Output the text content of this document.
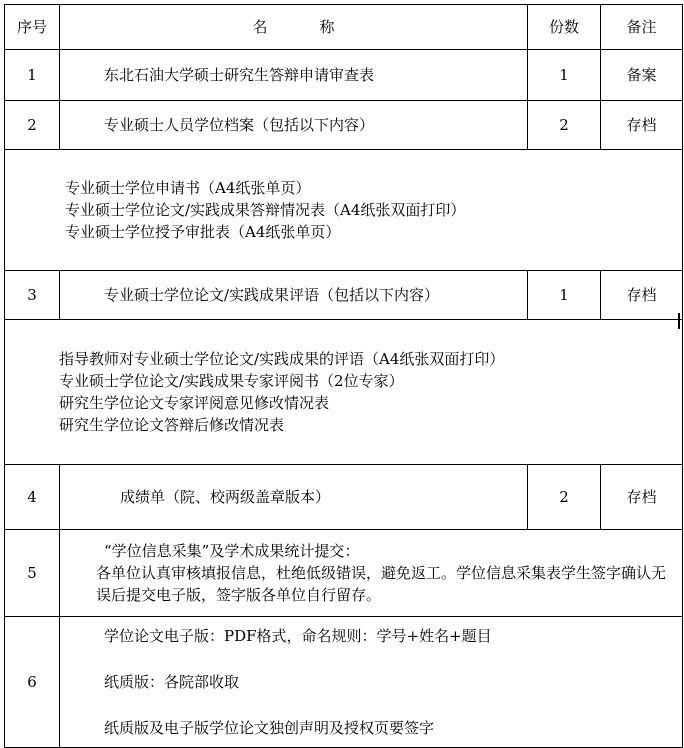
序号	名 称	份数	备注
1	东北石油大学硕士研究生答辩申请审查表	1	备案
2	专业硕士人员学位档案（包括以下内容）	2	存档

专业硕士学位申请书（A4纸张单页）
专业硕士学位论文/实践成果答辩情况表（A4纸张双面打印）
专业硕士学位授予审批表（A4纸张单页）			

3	专业硕士学位论文/实践成果评语（包括以下内容）	1	存档

指导教师对专业硕士学位论文/实践成果的评语（A4纸张双面打印）
专业硕士学位论文/实践成果专家评阅书（2位专家）
研究生学位论文专家评阅意见修改情况表
研究生学位论文答辩后修改情况表			

4	成绩单（院、校两级盖章版本）	2	存档
5	“学位信息采集”及学术成果统计提交：
各单位认真审核填报信息，杜绝低级错误，避免返工。学位信息采集表学生签字确认无误后提交电子版，签字版各单位自行留存。		

6	学位论文电子版：PDF格式，命名规则：学号+姓名+题目
纸质版：各院部收取
纸质版及电子版学位论文独创声明及授权页要签字		
